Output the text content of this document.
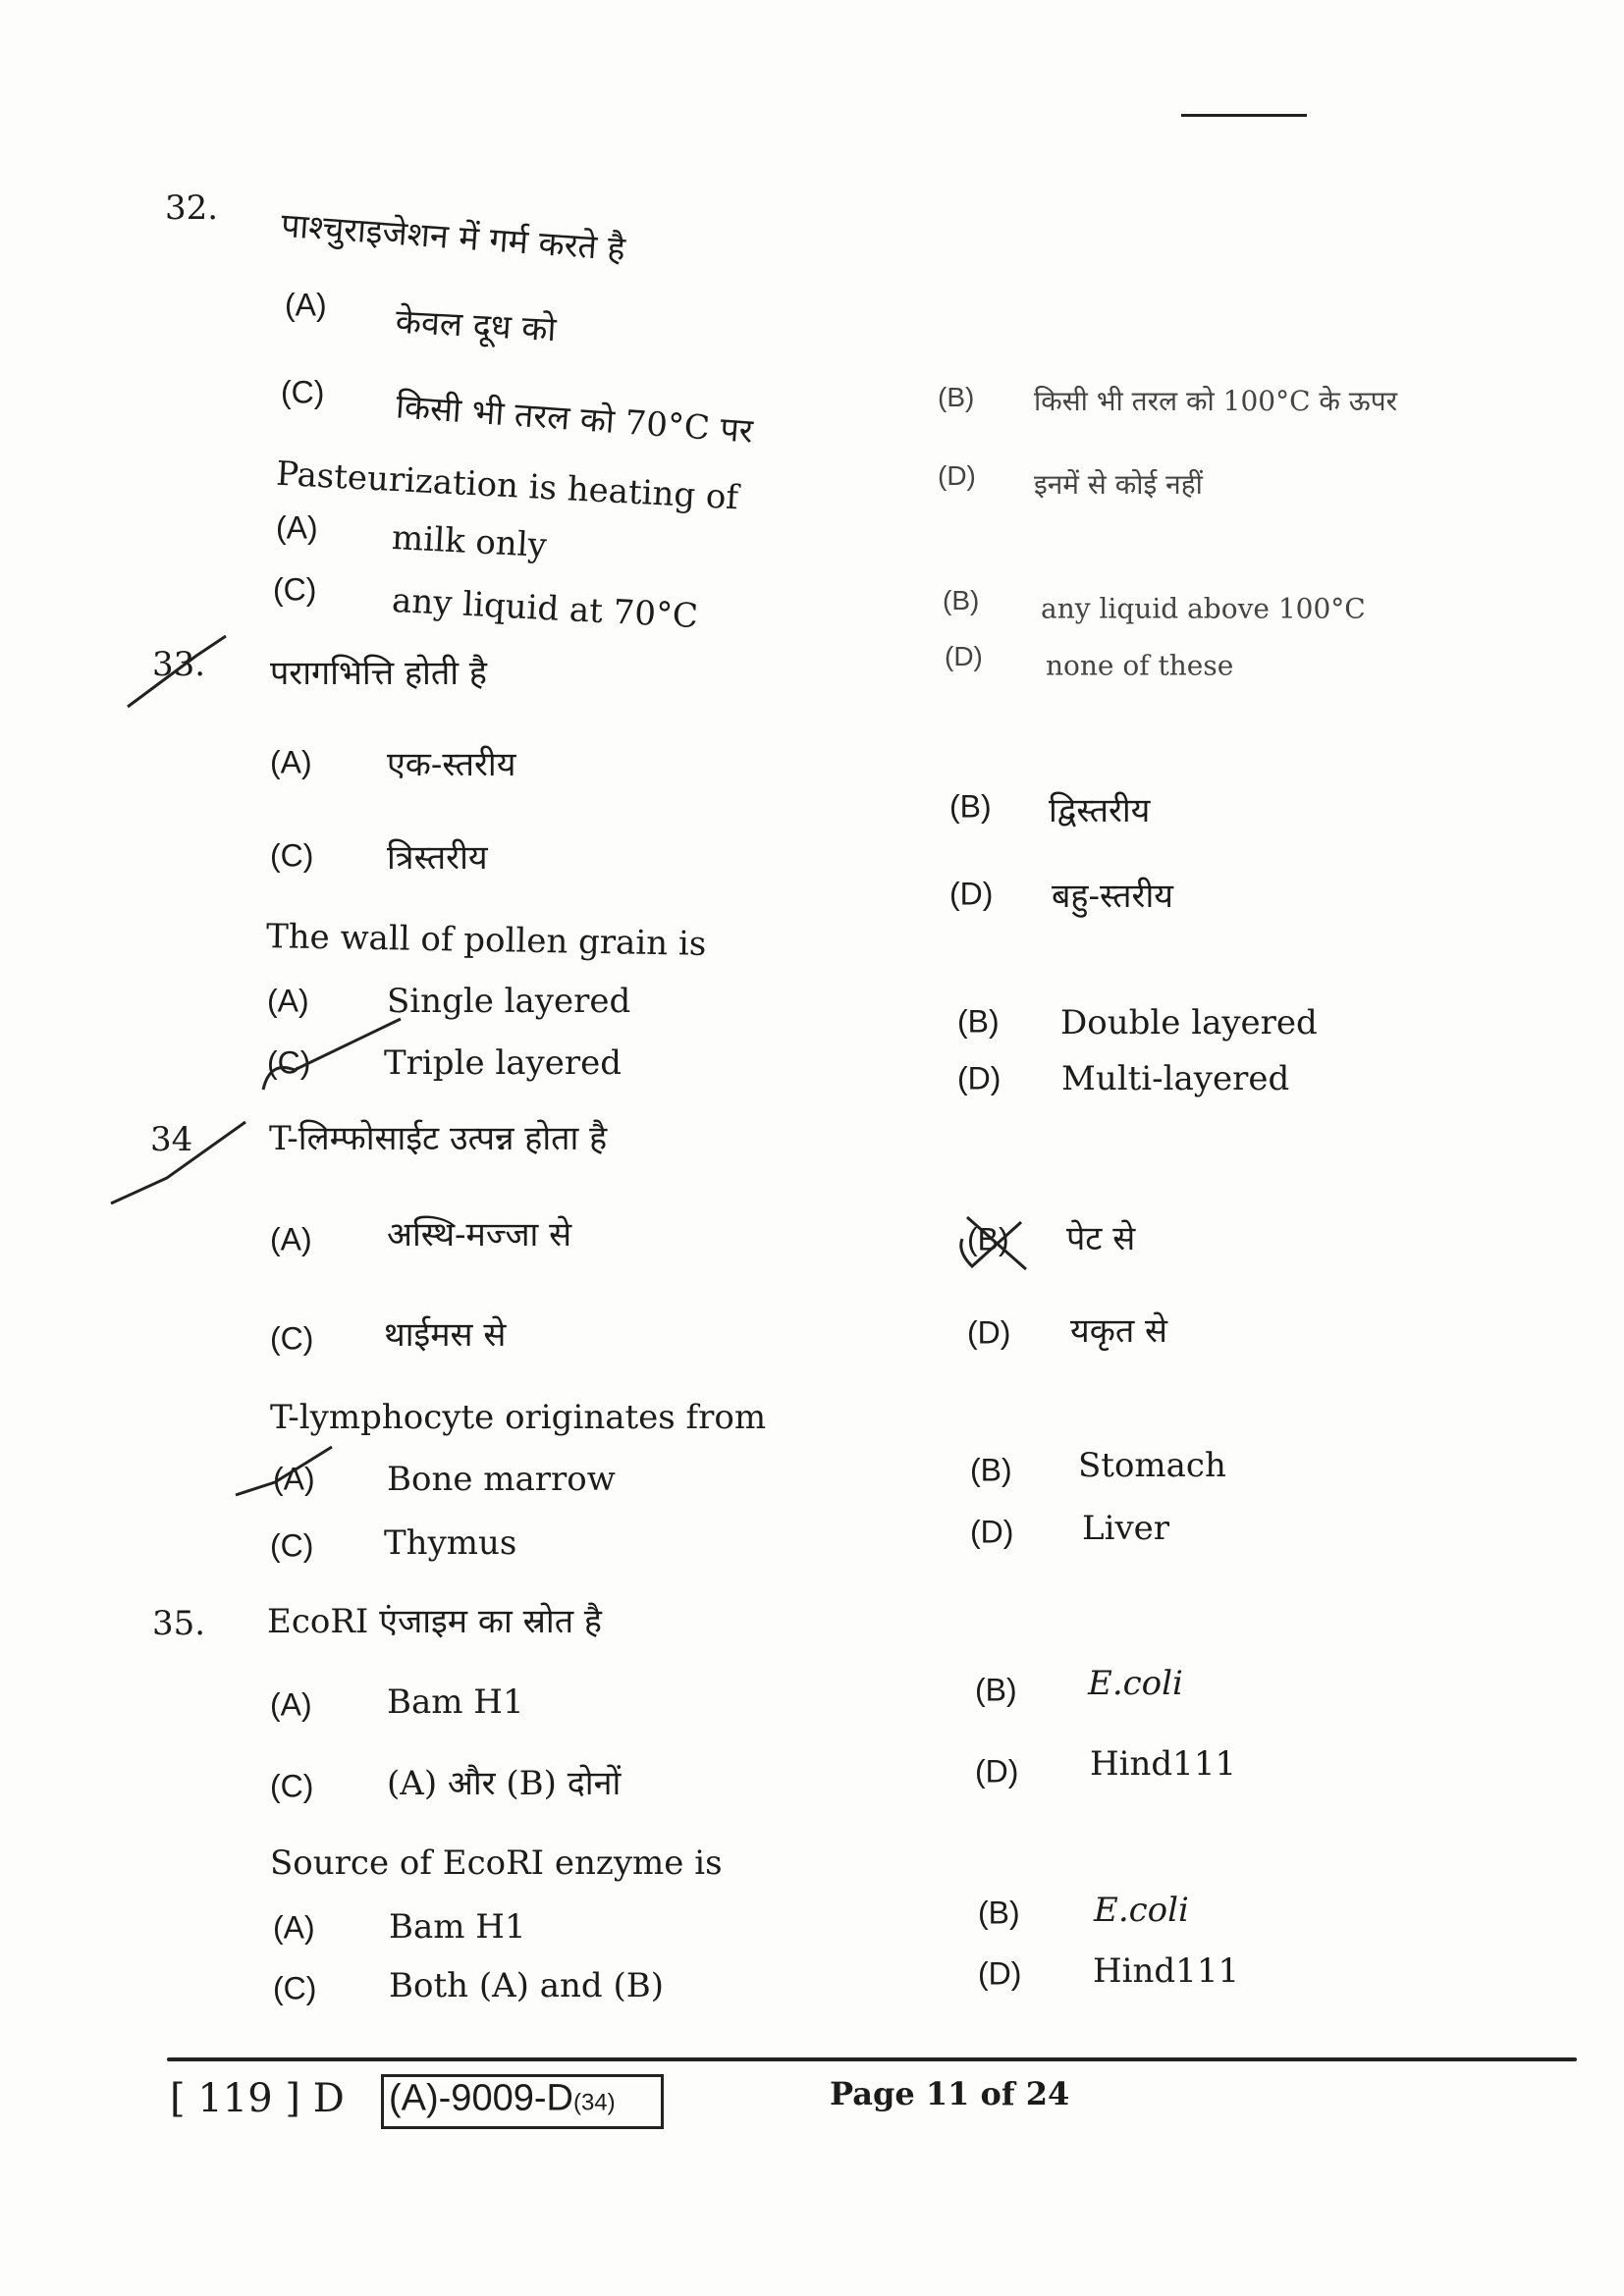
32. पाश्चुराइजेशन में गर्म करते है
(A) केवल दूध को
(C) किसी भी तरल को 70°C पर	(B) किसी भी तरल को 100°C के ऊपर
Pasteurization is heating of	(D) इनमें से कोई नहीं
(A) milk only
(C) any liquid at 70°C	(B) any liquid above 100°C
(D) none of these
33. परागभित्ति होती है
(A) एक-स्तरीय
(B) द्विस्तरीय
(C) त्रिस्तरीय
(D) बहु-स्तरीय
The wall of pollen grain is
(A) Single layered
(B) Double layered
(C) Triple layered	(D) Multi-layered
34 T-लिम्फोसाईट उत्पन्न होता है
(A) अस्थि-मज्जा से	(B) पेट से
(C) थाईमस से	(D) यकृत से
T-lymphocyte originates from
(A) Bone marrow	(B) Stomach
(C) Thymus	(D) Liver
35. EcoRI एंजाइम का स्रोत है
(A) Bam H1	(B) E.coli
(C) (A) और (B) दोनों	(D) Hind111
Source of EcoRI enzyme is
(A) Bam H1	(B) E.coli
(C) Both (A) and (B)	(D) Hind111
[ 119 ] D (A)-9009-D(34)	Page 11 of 24
